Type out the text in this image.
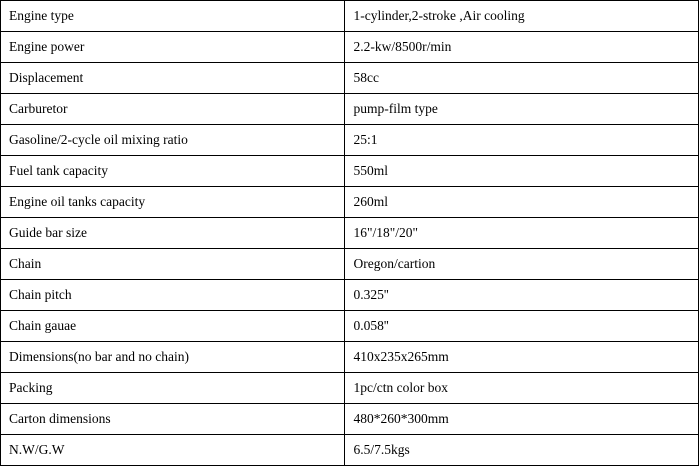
Engine type	1-cylinder,2-stroke ,Air cooling
Engine power	2.2-kw/8500r/min
Displacement	58cc
Carburetor	pump-film type
Gasoline/2-cycle oil mixing ratio	25:1
Fuel tank capacity	550ml
Engine oil tanks capacity	260ml
Guide bar size	16"/18"/20"
Chain	Oregon/cartion
Chain pitch	0.325''
Chain gauae	0.058''
Dimensions(no bar and no chain)	410x235x265mm
Packing	1pc/ctn color box
Carton dimensions	480*260*300mm
N.W/G.W	6.5/7.5kgs
